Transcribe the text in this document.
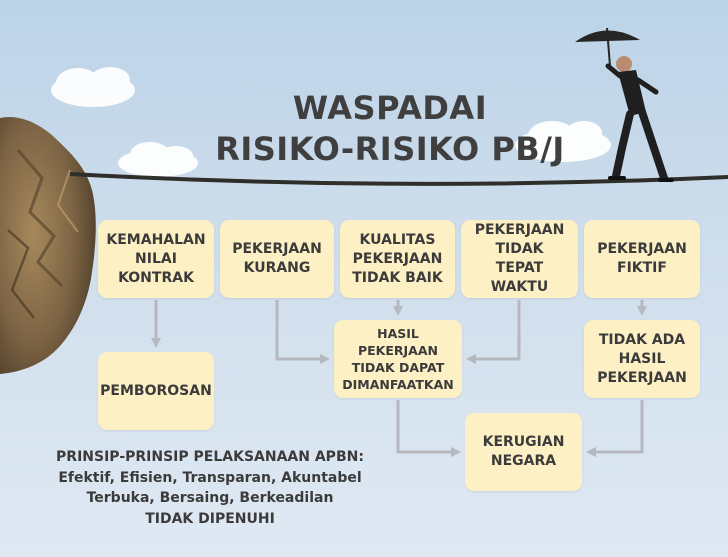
WASPADAI
RISIKO-RISIKO PB/J
KEMAHALAN
NILAI
KONTRAK
PEKERJAAN
KURANG
KUALITAS
PEKERJAAN
TIDAK BAIK
PEKERJAAN
TIDAK
TEPAT WAKTU
PEKERJAAN
FIKTIF
PEMBOROSAN
HASIL PEKERJAAN
TIDAK DAPAT
DIMANFAATKAN
TIDAK ADA
HASIL
PEKERJAAN
KERUGIAN
NEGARA
PRINSIP-PRINSIP PELAKSANAAN APBN:
Efektif, Efisien, Transparan, Akuntabel
Terbuka, Bersaing, Berkeadilan
TIDAK DIPENUHI
